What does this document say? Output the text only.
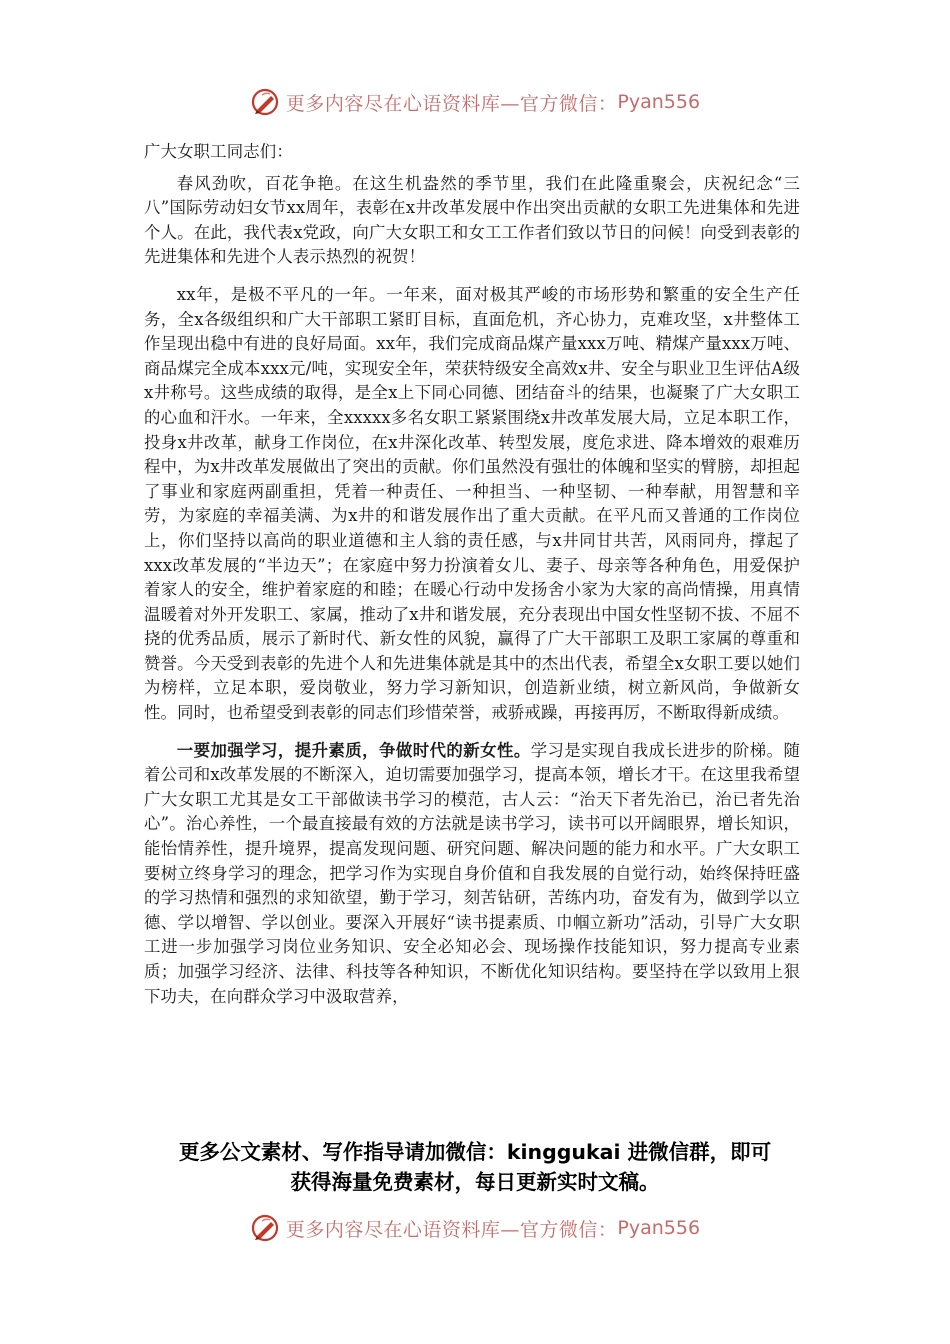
更多内容尽在心语资料库—官方微信： Pyan556

广大女职工同志们：

春风劲吹，百花争艳。在这生机盎然的季节里，我们在此隆重聚会，庆祝纪念“三八”国际劳动妇女节xx周年，表彰在x井改革发展中作出突出贡献的女职工先进集体和先进个人。在此，我代表x党政，向广大女职工和女工工作者们致以节日的问候！向受到表彰的先进集体和先进个人表示热烈的祝贺！

xx年，是极不平凡的一年。一年来，面对极其严峻的市场形势和繁重的安全生产任务，全x各级组织和广大干部职工紧盯目标，直面危机，齐心协力，克难攻坚，x井整体工作呈现出稳中有进的良好局面。xx年，我们完成商品煤产量xxx万吨、精煤产量xxx万吨、商品煤完全成本xxx元/吨，实现安全年，荣获特级安全高效x井、安全与职业卫生评估A级x井称号。这些成绩的取得，是全x上下同心同德、团结奋斗的结果，也凝聚了广大女职工的心血和汗水。一年来，全xxxxx多名女职工紧紧围绕x井改革发展大局，立足本职工作，投身x井改革，献身工作岗位，在x井深化改革、转型发展，度危求进、降本增效的艰难历程中，为x井改革发展做出了突出的贡献。你们虽然没有强壮的体魄和坚实的臂膀，却担起了事业和家庭两副重担，凭着一种责任、一种担当、一种坚韧、一种奉献，用智慧和辛劳，为家庭的幸福美满、为x井的和谐发展作出了重大贡献。在平凡而又普通的工作岗位上，你们坚持以高尚的职业道德和主人翁的责任感，与x井同甘共苦，风雨同舟，撑起了xxx改革发展的“半边天”；在家庭中努力扮演着女儿、妻子、母亲等各种角色，用爱保护着家人的安全，维护着家庭的和睦；在暖心行动中发扬舍小家为大家的高尚情操，用真情温暖着对外开发职工、家属，推动了x井和谐发展，充分表现出中国女性坚韧不拔、不屈不挠的优秀品质，展示了新时代、新女性的风貌，赢得了广大干部职工及职工家属的尊重和赞誉。今天受到表彰的先进个人和先进集体就是其中的杰出代表，希望全x女职工要以她们为榜样，立足本职，爱岗敬业，努力学习新知识，创造新业绩，树立新风尚，争做新女性。同时，也希望受到表彰的同志们珍惜荣誉，戒骄戒躁，再接再厉，不断取得新成绩。

一要加强学习，提升素质，争做时代的新女性。学习是实现自我成长进步的阶梯。随着公司和x改革发展的不断深入，迫切需要加强学习，提高本领，增长才干。在这里我希望广大女职工尤其是女工干部做读书学习的模范，古人云：“治天下者先治已，治已者先治心”。治心养性，一个最直接最有效的方法就是读书学习，读书可以开阔眼界，增长知识，能怡情养性，提升境界，提高发现问题、研究问题、解决问题的能力和水平。广大女职工要树立终身学习的理念，把学习作为实现自身价值和自我发展的自觉行动，始终保持旺盛的学习热情和强烈的求知欲望，勤于学习，刻苦钻研，苦练内功，奋发有为，做到学以立德、学以增智、学以创业。要深入开展好“读书提素质、巾帼立新功”活动，引导广大女职工进一步加强学习岗位业务知识、安全必知必会、现场操作技能知识，努力提高专业素质；加强学习经济、法律、科技等各种知识，不断优化知识结构。要坚持在学以致用上狠下功夫，在向群众学习中汲取营养，

更多公文素材、写作指导请加微信：kinggukai 进微信群，即可
获得海量免费素材，每日更新实时文稿。
更多内容尽在心语资料库—官方微信： Pyan556
